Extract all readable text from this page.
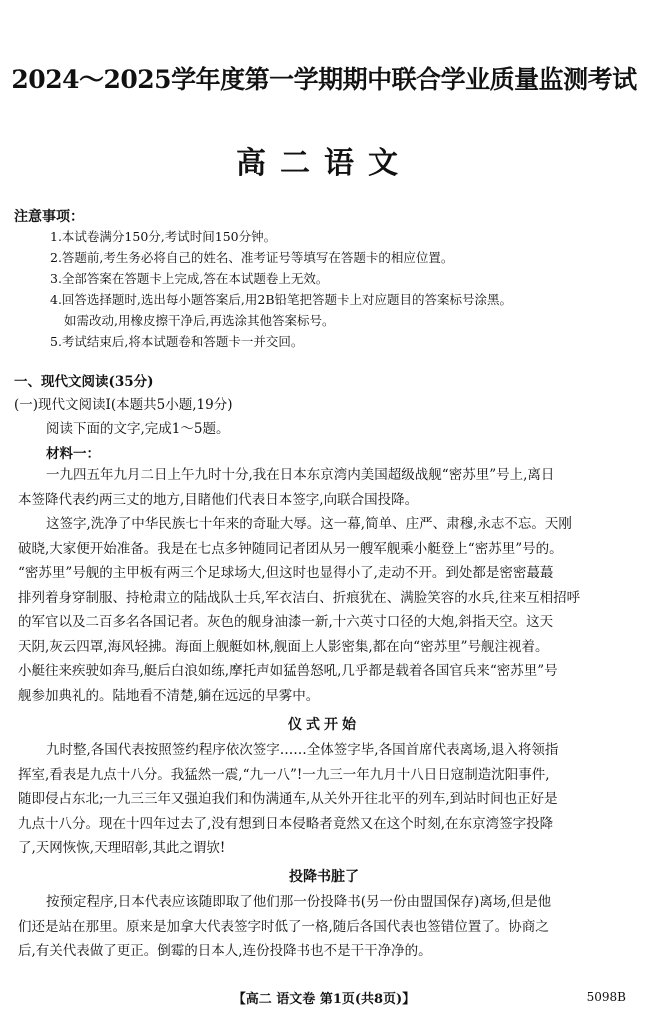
2024～2025学年度第一学期期中联合学业质量监测考试
高二语文
注意事项：
1.本试卷满分150分,考试时间150分钟。
2.答题前,考生务必将自己的姓名、准考证号等填写在答题卡的相应位置。
3.全部答案在答题卡上完成,答在本试题卷上无效。
4.回答选择题时,选出每小题答案后,用2B铅笔把答题卡上对应题目的答案标号涂黑。
如需改动,用橡皮擦干净后,再选涂其他答案标号。
5.考试结束后,将本试题卷和答题卡一并交回。
一、现代文阅读(35分)
(一)现代文阅读Ⅰ(本题共5小题,19分)
阅读下面的文字,完成1～5题。
材料一：
一九四五年九月二日上午九时十分,我在日本东京湾内美国超级战舰“密苏里”号上,离日
本签降代表约两三丈的地方,目睹他们代表日本签字,向联合国投降。
这签字,洗净了中华民族七十年来的奇耻大辱。这一幕,简单、庄严、肃穆,永志不忘。天刚
破晓,大家便开始准备。我是在七点多钟随同记者团从另一艘军舰乘小艇登上“密苏里”号的。
“密苏里”号舰的主甲板有两三个足球场大,但这时也显得小了,走动不开。到处都是密密蕞蕞
排列着身穿制服、持枪肃立的陆战队士兵,军衣洁白、折痕犹在、满脸笑容的水兵,往来互相招呼
的军官以及二百多名各国记者。灰色的舰身油漆一新,十六英寸口径的大炮,斜指天空。这天
天阴,灰云四罩,海风轻拂。海面上舰艇如林,舰面上人影密集,都在向“密苏里”号舰注视着。
小艇往来疾驶如奔马,艇后白浪如练,摩托声如猛兽怒吼,几乎都是载着各国官兵来“密苏里”号
舰参加典礼的。陆地看不清楚,躺在远远的早雾中。
仪式开始
九时整,各国代表按照签约程序依次签字……全体签字毕,各国首席代表离场,退入将领指
挥室,看表是九点十八分。我猛然一震,“九一八”!一九三一年九月十八日日寇制造沈阳事件,
随即侵占东北;一九三三年又强迫我们和伪满通车,从关外开往北平的列车,到站时间也正好是
九点十八分。现在十四年过去了,没有想到日本侵略者竟然又在这个时刻,在东京湾签字投降
了,天网恢恢,天理昭彰,其此之谓欤!
投降书脏了
按预定程序,日本代表应该随即取了他们那一份投降书(另一份由盟国保存)离场,但是他
们还是站在那里。原来是加拿大代表签字时低了一格,随后各国代表也签错位置了。协商之
后,有关代表做了更正。倒霉的日本人,连份投降书也不是干干净净的。
【高二 语文卷 第1页(共8页)】	5098B
